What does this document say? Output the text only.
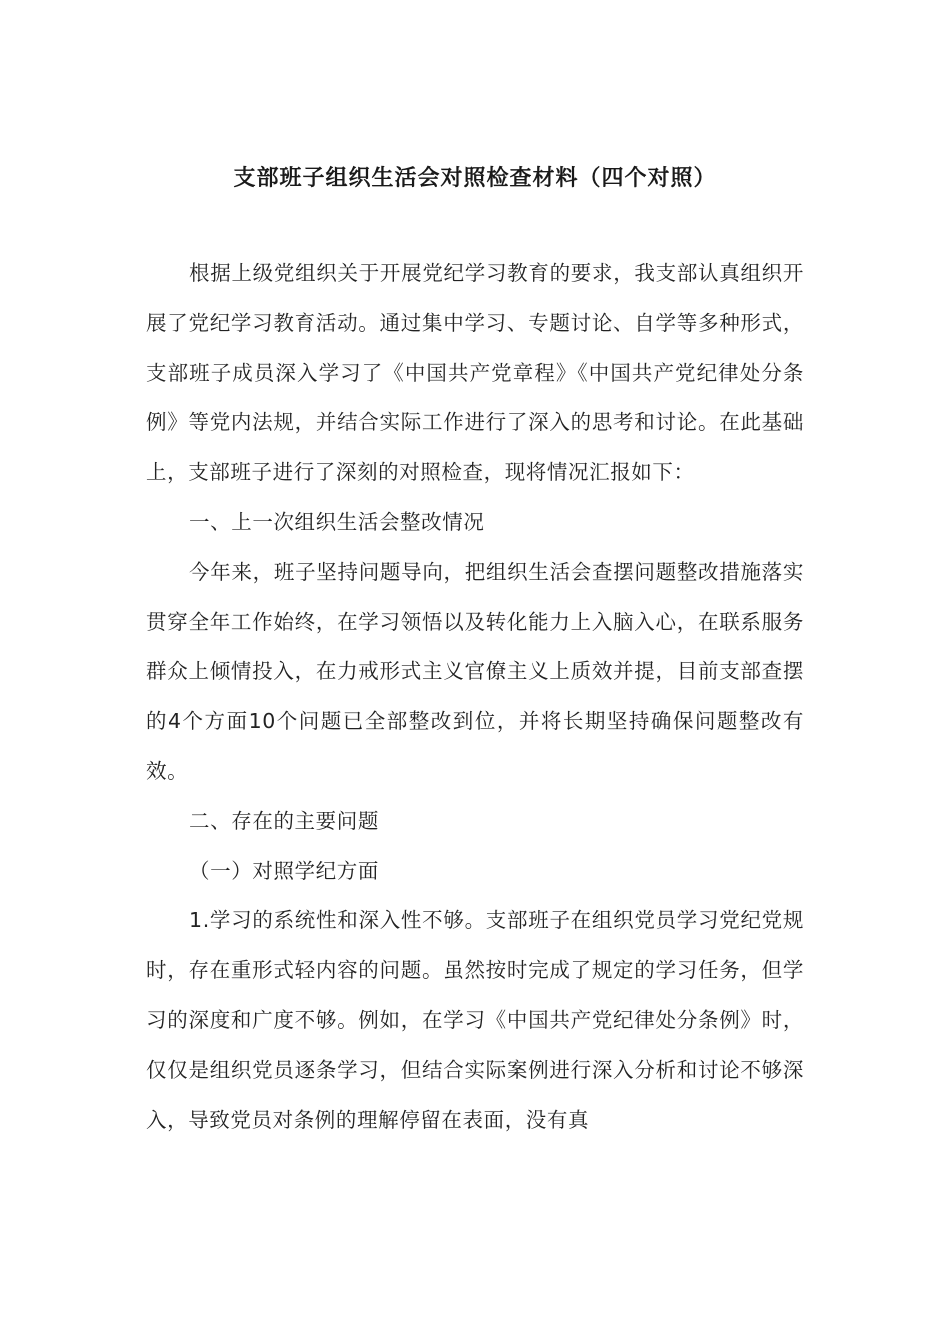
支部班子组织生活会对照检查材料（四个对照）

根据上级党组织关于开展党纪学习教育的要求，我支部认真组织开展了党纪学习教育活动。通过集中学习、专题讨论、自学等多种形式，支部班子成员深入学习了《中国共产党章程》《中国共产党纪律处分条例》等党内法规，并结合实际工作进行了深入的思考和讨论。在此基础上，支部班子进行了深刻的对照检查，现将情况汇报如下：

一、上一次组织生活会整改情况

今年来，班子坚持问题导向，把组织生活会查摆问题整改措施落实贯穿全年工作始终，在学习领悟以及转化能力上入脑入心，在联系服务群众上倾情投入，在力戒形式主义官僚主义上质效并提，目前支部查摆的4个方面10个问题已全部整改到位，并将长期坚持确保问题整改有效。

二、存在的主要问题

（一）对照学纪方面

1.学习的系统性和深入性不够。支部班子在组织党员学习党纪党规时，存在重形式轻内容的问题。虽然按时完成了规定的学习任务，但学习的深度和广度不够。例如，在学习《中国共产党纪律处分条例》时，仅仅是组织党员逐条学习，但结合实际案例进行深入分析和讨论不够深入，导致党员对条例的理解停留在表面，没有真
